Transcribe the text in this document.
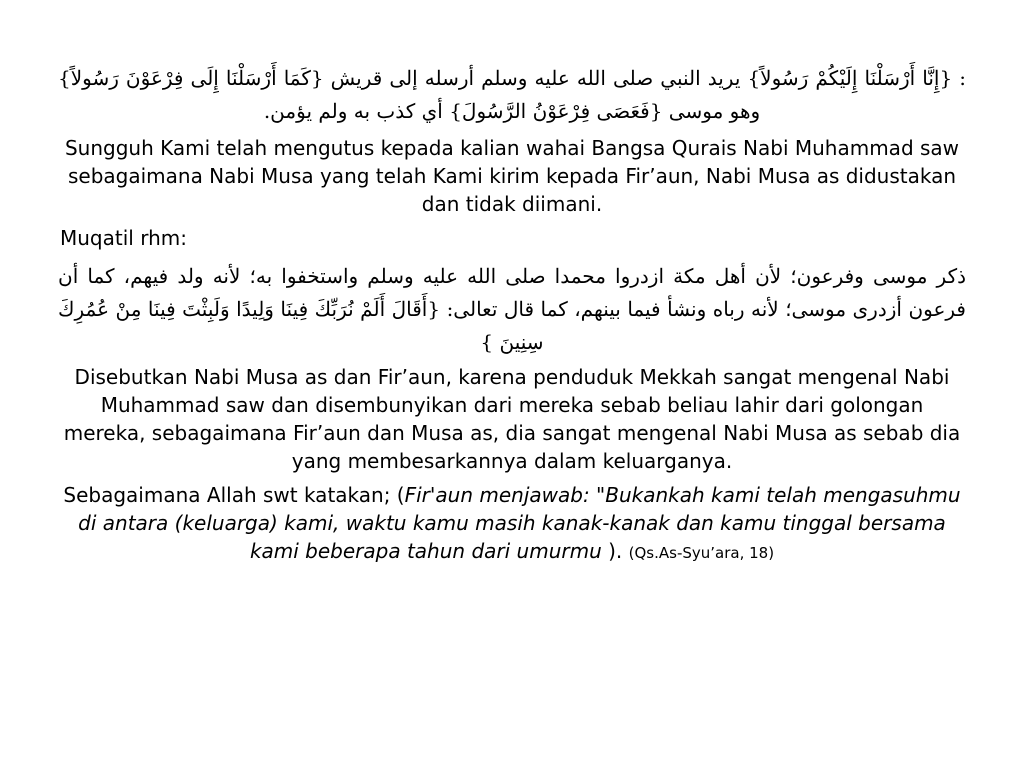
: {إِنَّا أَرْسَلْنَا إِلَيْكُمْ رَسُولاً} يريد النبي صلى الله عليه وسلم أرسله إلى قريش {كَمَا أَرْسَلْنَا إِلَى فِرْعَوْنَ رَسُولاً} وهو موسى {فَعَصَى فِرْعَوْنُ الرَّسُولَ} أي كذب به ولم يؤمن.

Sungguh Kami telah mengutus kepada kalian wahai Bangsa Qurais Nabi Muhammad saw sebagaimana Nabi Musa yang telah Kami kirim kepada Fir’aun, Nabi Musa as didustakan dan tidak diimani.

Muqatil rhm:

ذكر موسى وفرعون؛ لأن أهل مكة ازدروا محمدا صلى الله عليه وسلم واستخفوا به؛ لأنه ولد فيهم، كما أن فرعون أزدرى موسى؛ لأنه رباه ونشأ فيما بينهم، كما قال تعالى: {أَقَالَ أَلَمْ نُرَبِّكَ فِينَا وَلِيدًا وَلَبِثْتَ فِينَا مِنْ عُمُرِكَ سِنِينَ }

Disebutkan Nabi Musa as dan Fir’aun, karena penduduk Mekkah sangat mengenal Nabi Muhammad saw dan disembunyikan dari mereka sebab beliau lahir dari golongan mereka, sebagaimana Fir’aun dan Musa as, dia sangat mengenal Nabi Musa as sebab dia yang membesarkannya dalam keluarganya.

Sebagaimana Allah swt katakan; (Fir'aun menjawab: "Bukankah kami telah mengasuhmu di antara (keluarga) kami, waktu kamu masih kanak-kanak dan kamu tinggal bersama kami beberapa tahun dari umurmu ). (Qs.As-Syu’ara, 18)
